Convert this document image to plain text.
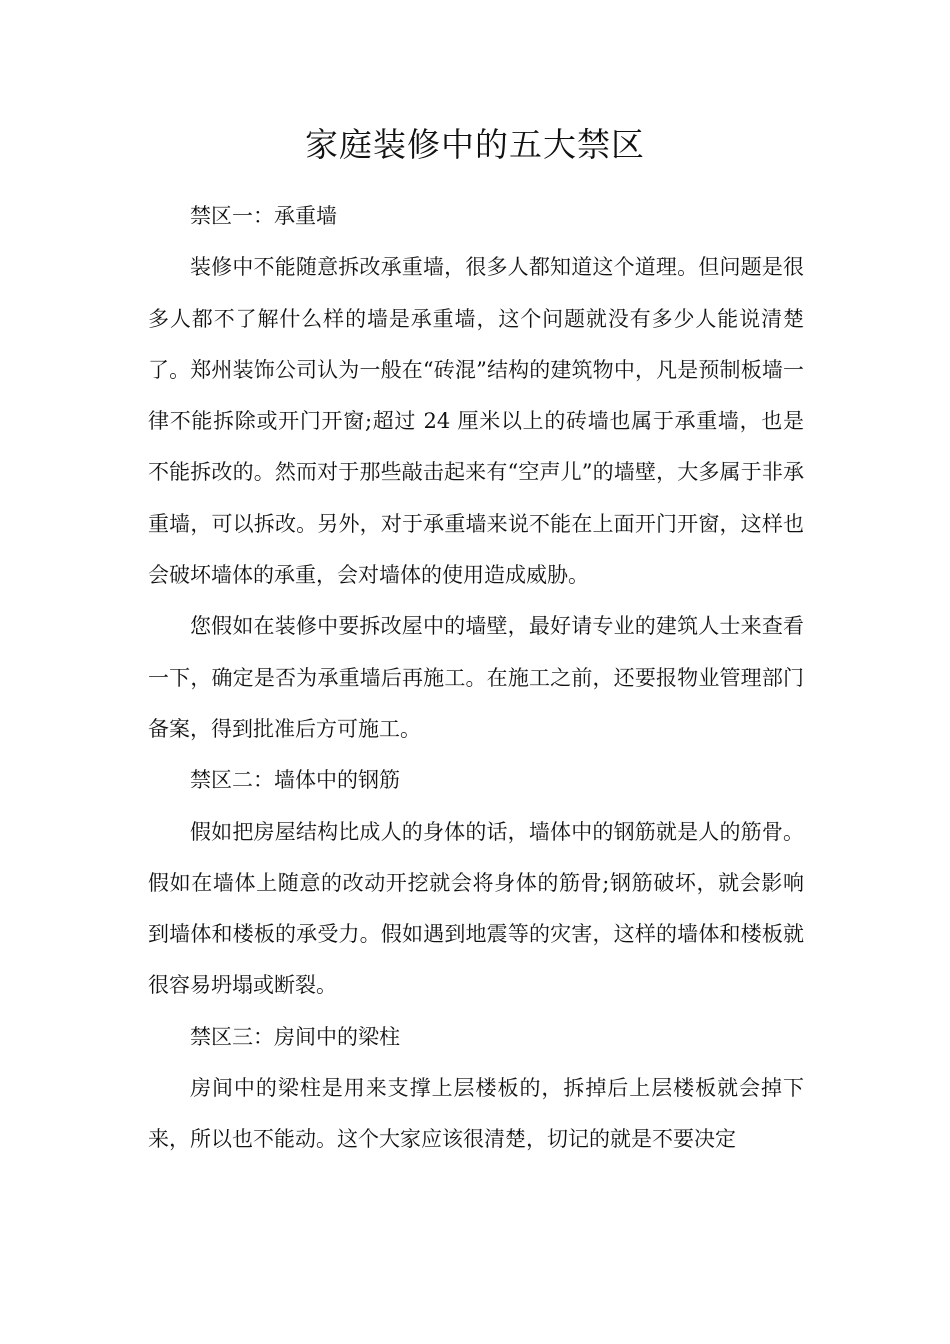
家庭装修中的五大禁区

禁区一：承重墙

装修中不能随意拆改承重墙，很多人都知道这个道理。但问题是很多人都不了解什么样的墙是承重墙，这个问题就没有多少人能说清楚了。郑州装饰公司认为一般在“砖混”结构的建筑物中，凡是预制板墙一律不能拆除或开门开窗;超过 24 厘米以上的砖墙也属于承重墙，也是不能拆改的。然而对于那些敲击起来有“空声儿”的墙壁，大多属于非承重墙，可以拆改。另外，对于承重墙来说不能在上面开门开窗，这样也会破坏墙体的承重，会对墙体的使用造成威胁。

您假如在装修中要拆改屋中的墙壁，最好请专业的建筑人士来查看一下，确定是否为承重墙后再施工。在施工之前，还要报物业管理部门备案，得到批准后方可施工。

禁区二：墙体中的钢筋

假如把房屋结构比成人的身体的话，墙体中的钢筋就是人的筋骨。假如在墙体上随意的改动开挖就会将身体的筋骨;钢筋破坏，就会影响到墙体和楼板的承受力。假如遇到地震等的灾害，这样的墙体和楼板就很容易坍塌或断裂。

禁区三：房间中的梁柱

房间中的梁柱是用来支撑上层楼板的，拆掉后上层楼板就会掉下来，所以也不能动。这个大家应该很清楚，切记的就是不要决定
